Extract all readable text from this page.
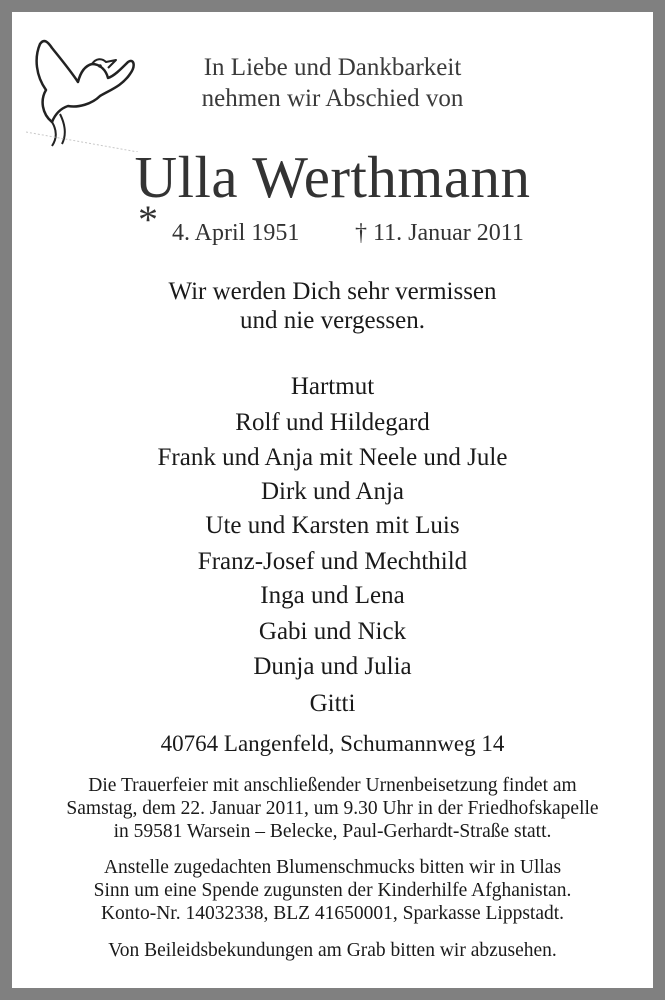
In Liebe und Dankbarkeit
nehmen wir Abschied von
Ulla Werthmann
* 4. April 1951 † 11. Januar 2011
Wir werden Dich sehr vermissen
und nie vergessen.
Hartmut
Rolf und Hildegard
Frank und Anja mit Neele und Jule
Dirk und Anja
Ute und Karsten mit Luis
Franz-Josef und Mechthild
Inga und Lena
Gabi und Nick
Dunja und Julia
Gitti
40764 Langenfeld, Schumannweg 14
Die Trauerfeier mit anschließender Urnenbeisetzung findet am
Samstag, dem 22. Januar 2011, um 9.30 Uhr in der Friedhofskapelle
in 59581 Warsein – Belecke, Paul-Gerhardt-Straße statt.
Anstelle zugedachten Blumenschmucks bitten wir in Ullas
Sinn um eine Spende zugunsten der Kinderhilfe Afghanistan.
Konto-Nr. 14032338, BLZ 41650001, Sparkasse Lippstadt.
Von Beileidsbekundungen am Grab bitten wir abzusehen.
